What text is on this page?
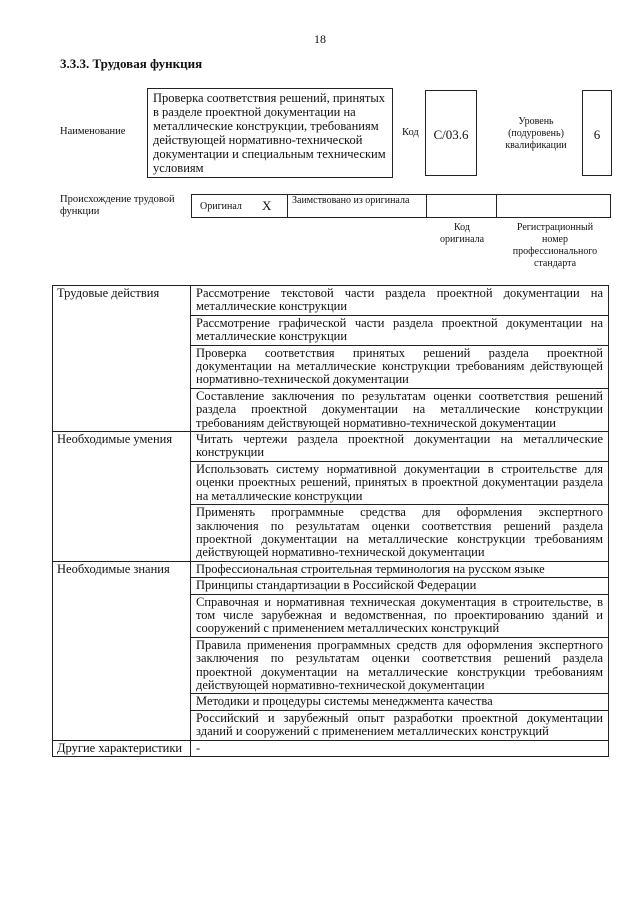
18
3.3.3. Трудовая функция
Наименование
Проверка соответствия решений, принятых в разделе проектной документации на металлические конструкции, требованиям действующей нормативно-технической документации и специальным техническим условиям
Код	С/03.6
Уровень (подуровень) квалификации
6
Происхождение трудовой функции	Оригинал X Заимствовано из оригинала
Код оригинала
Регистрационный номер профессионального стандарта
Трудовые действия	Рассмотрение текстовой части раздела проектной документации на металлические конструкции
	Рассмотрение графической части раздела проектной документации на металлические конструкции
	Проверка соответствия принятых решений раздела проектной документации на металлические конструкции требованиям действующей нормативно-технической документации
	Составление заключения по результатам оценки соответствия решений раздела проектной документации на металлические конструкции требованиям действующей нормативно-технической документации
Необходимые умения	Читать чертежи раздела проектной документации на металлические конструкции
	Использовать систему нормативной документации в строительстве для оценки проектных решений, принятых в проектной документации раздела на металлические конструкции
	Применять программные средства для оформления экспертного заключения по результатам оценки соответствия решений раздела проектной документации на металлические конструкции требованиям действующей нормативно-технической документации
Необходимые знания	Профессиональная строительная терминология на русском языке
	Принципы стандартизации в Российской Федерации
	Справочная и нормативная техническая документация в строительстве, в том числе зарубежная и ведомственная, по проектированию зданий и сооружений с применением металлических конструкций
	Правила применения программных средств для оформления экспертного заключения по результатам оценки соответствия решений раздела проектной документации на металлические конструкции требованиям действующей нормативно-технической документации
	Методики и процедуры системы менеджмента качества
	Российский и зарубежный опыт разработки проектной документации зданий и сооружений с применением металлических конструкций
Другие характеристики	-
